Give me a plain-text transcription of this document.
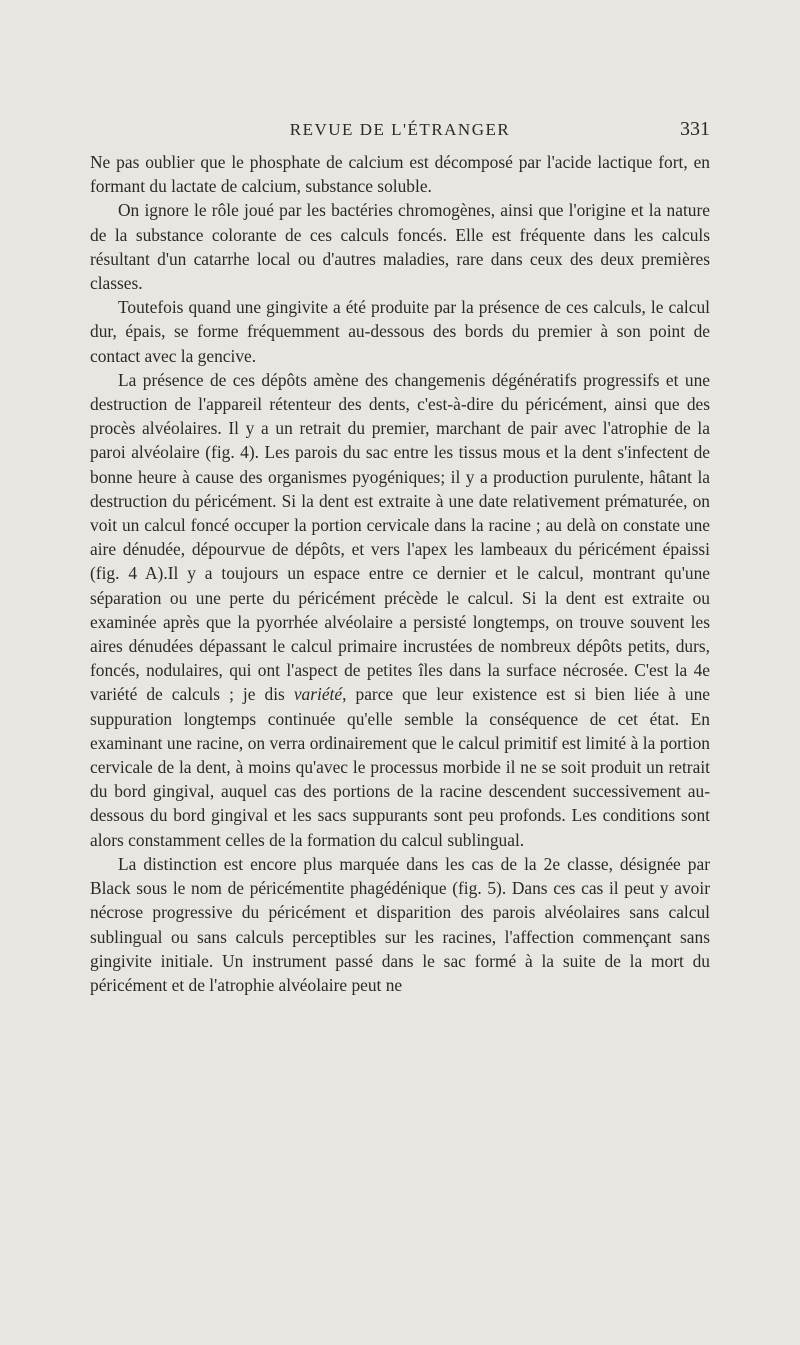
REVUE DE L'ÉTRANGER	331

Ne pas oublier que le phosphate de calcium est décomposé par l'acide lactique fort, en formant du lactate de calcium, substance soluble.

On ignore le rôle joué par les bactéries chromogènes, ainsi que l'origine et la nature de la substance colorante de ces calculs foncés. Elle est fréquente dans les calculs résultant d'un catarrhe local ou d'autres maladies, rare dans ceux des deux premières classes.

Toutefois quand une gingivite a été produite par la présence de ces calculs, le calcul dur, épais, se forme fréquemment au-dessous des bords du premier à son point de contact avec la gencive.

La présence de ces dépôts amène des changemenis dégénératifs progressifs et une destruction de l'appareil rétenteur des dents, c'est-à-dire du péricément, ainsi que des procès alvéolaires. Il y a un retrait du premier, marchant de pair avec l'atrophie de la paroi alvéolaire (fig. 4). Les parois du sac entre les tissus mous et la dent s'infectent de bonne heure à cause des organismes pyogéniques; il y a production purulente, hâtant la destruction du péricément. Si la dent est extraite à une date relativement prématurée, on voit un calcul foncé occuper la portion cervicale dans la racine ; au delà on constate une aire dénudée, dépourvue de dépôts, et vers l'apex les lambeaux du péricément épaissi (fig. 4 A).Il y a toujours un espace entre ce dernier et le calcul, montrant qu'une séparation ou une perte du péricément précède le calcul. Si la dent est extraite ou examinée après que la pyorrhée alvéolaire a persisté longtemps, on trouve souvent les aires dénudées dépassant le calcul primaire incrustées de nombreux dépôts petits, durs, foncés, nodulaires, qui ont l'aspect de petites îles dans la surface nécrosée. C'est la 4e variété de calculs ; je dis variété, parce que leur existence est si bien liée à une suppuration longtemps continuée qu'elle semble la conséquence de cet état. En examinant une racine, on verra ordinairement que le calcul primitif est limité à la portion cervicale de la dent, à moins qu'avec le processus morbide il ne se soit produit un retrait du bord gingival, auquel cas des portions de la racine descendent successivement au-dessous du bord gingival et les sacs suppurants sont peu profonds. Les conditions sont alors constamment celles de la formation du calcul sublingual.

La distinction est encore plus marquée dans les cas de la 2e classe, désignée par Black sous le nom de péricémentite phagédénique (fig. 5). Dans ces cas il peut y avoir nécrose progressive du péricément et disparition des parois alvéolaires sans calcul sublingual ou sans calculs perceptibles sur les racines, l'affection commençant sans gingivite initiale. Un instrument passé dans le sac formé à la suite de la mort du péricément et de l'atrophie alvéolaire peut ne
